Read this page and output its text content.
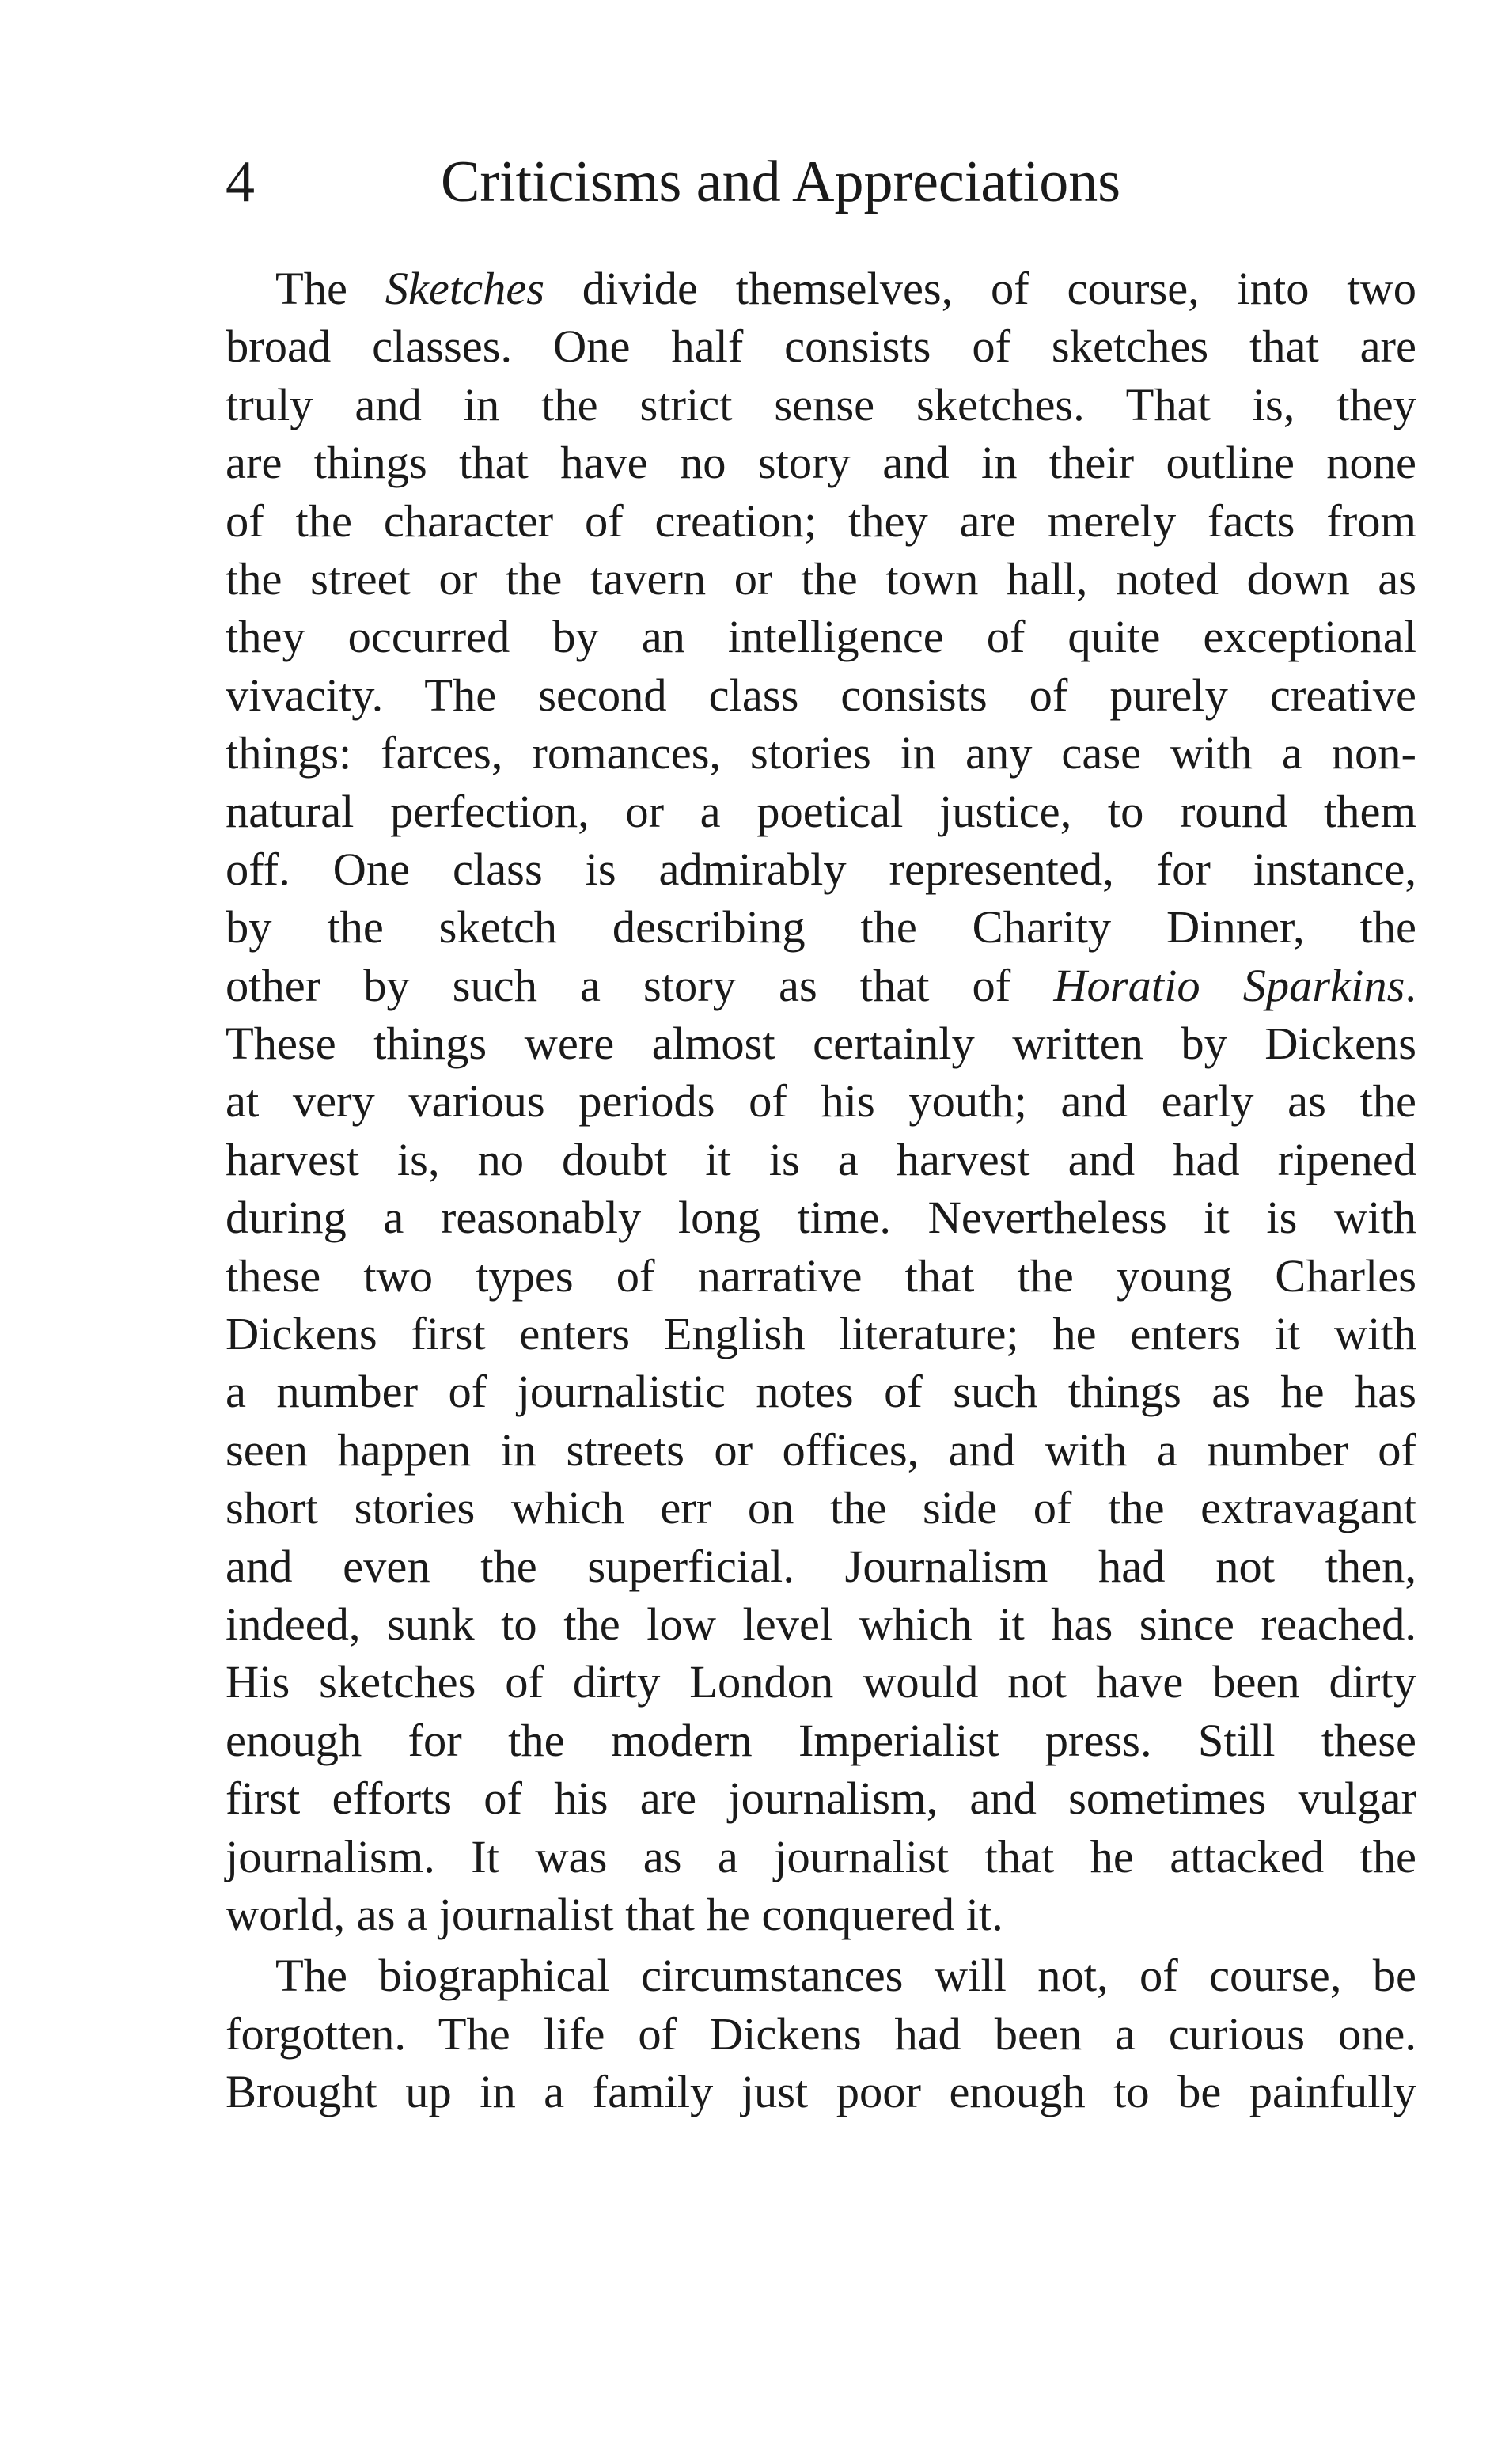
4	Criticisms and Appreciations
The Sketches divide themselves, of course, into two
broad classes. One half consists of sketches that are
truly and in the strict sense sketches. That is, they
are things that have no story and in their outline none
of the character of creation; they are merely facts from
the street or the tavern or the town hall, noted down as
they occurred by an intelligence of quite exceptional
vivacity. The second class consists of purely creative
things: farces, romances, stories in any case with a non-
natural perfection, or a poetical justice, to round them
off. One class is admirably represented, for instance,
by the sketch describing the Charity Dinner, the
other by such a story as that of Horatio Sparkins.
These things were almost certainly written by Dickens
at very various periods of his youth; and early as the
harvest is, no doubt it is a harvest and had ripened
during a reasonably long time. Nevertheless it is with
these two types of narrative that the young Charles
Dickens first enters English literature; he enters it with
a number of journalistic notes of such things as he has
seen happen in streets or offices, and with a number of
short stories which err on the side of the extravagant
and even the superficial. Journalism had not then,
indeed, sunk to the low level which it has since reached.
His sketches of dirty London would not have been dirty
enough for the modern Imperialist press. Still these
first efforts of his are journalism, and sometimes vulgar
journalism. It was as a journalist that he attacked the
world, as a journalist that he conquered it.
The biographical circumstances will not, of course, be
forgotten. The life of Dickens had been a curious one.
Brought up in a family just poor enough to be painfully
